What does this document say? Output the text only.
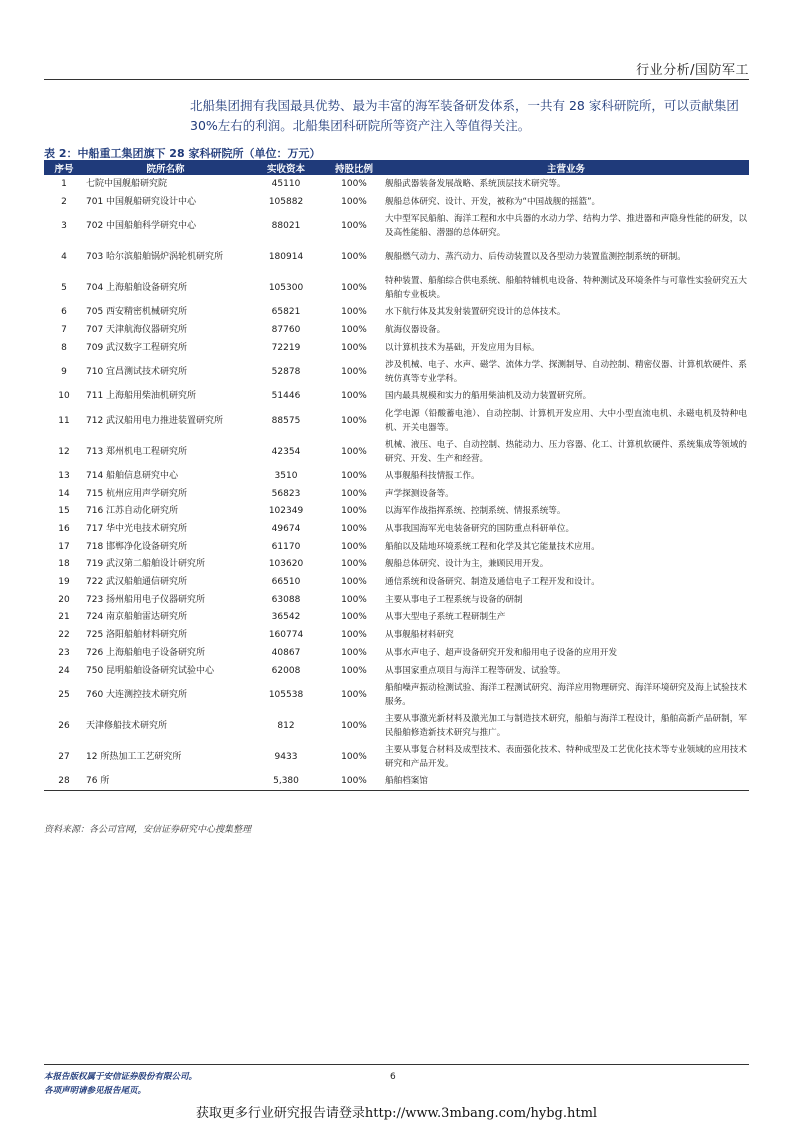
行业分析/国防军工

北船集团拥有我国最具优势、最为丰富的海军装备研发体系，一共有 28 家科研院所，可以贡献集团 30%左右的利润。北船集团科研院所等资产注入等值得关注。

表 2：中船重工集团旗下 28 家科研院所（单位：万元）
序号	院所名称	实收资本	持股比例	主营业务
1	七院中国舰船研究院	45110	100%	舰船武器装备发展战略、系统顶层技术研究等。
2	701 中国舰船研究设计中心	105882	100%	舰船总体研究、设计、开发，被称为“中国战舰的摇篮”。
3	702 中国船舶科学研究中心	88021	100%	大中型军民船舶、海洋工程和水中兵器的水动力学、结构力学、推进器和声隐身性能的研发，以及高性能船、潜器的总体研究。
4	703 哈尔滨船舶锅炉涡轮机研究所	180914	100%	舰船燃气动力、蒸汽动力、后传动装置以及各型动力装置监测控制系统的研制。
5	704 上海船舶设备研究所	105300	100%	特种装置、船舶综合供电系统、船舶特辅机电设备、特种测试及环境条件与可靠性实验研究五大船舶专业板块。
6	705 西安精密机械研究所	65821	100%	水下航行体及其发射装置研究设计的总体技术。
7	707 天津航海仪器研究所	87760	100%	航海仪器设备。
8	709 武汉数字工程研究所	72219	100%	以计算机技术为基础，开发应用为目标。
9	710 宜昌测试技术研究所	52878	100%	涉及机械、电子、水声、磁学、流体力学、探测制导、自动控制、精密仪器、计算机软硬件、系统仿真等专业学科。
10	711 上海船用柴油机研究所	51446	100%	国内最具规模和实力的船用柴油机及动力装置研究所。
11	712 武汉船用电力推进装置研究所	88575	100%	化学电源（铅酸蓄电池）、自动控制、计算机开发应用、大中小型直流电机、永磁电机及特种电机、开关电器等。
12	713 郑州机电工程研究所	42354	100%	机械、液压、电子、自动控制、热能动力、压力容器、化工、计算机软硬件、系统集成等领域的研究、开发、生产和经营。
13	714 船舶信息研究中心	3510	100%	从事舰船科技情报工作。
14	715 杭州应用声学研究所	56823	100%	声学探测设备等。
15	716 江苏自动化研究所	102349	100%	以海军作战指挥系统、控制系统、情报系统等。
16	717 华中光电技术研究所	49674	100%	从事我国海军光电装备研究的国防重点科研单位。
17	718 邯郸净化设备研究所	61170	100%	船舶以及陆地环境系统工程和化学及其它能量技术应用。
18	719 武汉第二船舶设计研究所	103620	100%	舰船总体研究、设计为主，兼顾民用开发。
19	722 武汉船舶通信研究所	66510	100%	通信系统和设备研究、制造及通信电子工程开发和设计。
20	723 扬州船用电子仪器研究所	63088	100%	主要从事电子工程系统与设备的研制
21	724 南京船舶雷达研究所	36542	100%	从事大型电子系统工程研制生产
22	725 洛阳船舶材料研究所	160774	100%	从事舰船材料研究
23	726 上海船舶电子设备研究所	40867	100%	从事水声电子、超声设备研究开发和船用电子设备的应用开发
24	750 昆明船舶设备研究试验中心	62008	100%	从事国家重点项目与海洋工程等研发、试验等。
25	760 大连测控技术研究所	105538	100%	船舶噪声振动检测试验、海洋工程测试研究、海洋应用物理研究、海洋环境研究及海上试验技术服务。
26	天津修船技术研究所	812	100%	主要从事激光新材料及激光加工与制造技术研究，船舶与海洋工程设计，船舶高新产品研制，军民船舶修造新技术研究与推广。
27	12 所热加工工艺研究所	9433	100%	主要从事复合材料及成型技术、表面强化技术、特种成型及工艺优化技术等专业领域的应用技术研究和产品开发。
28	76 所	5,380	100%	船舶档案馆
资料来源：各公司官网，安信证券研究中心搜集整理
本报告版权属于安信证券股份有限公司。
各项声明请参见报告尾页。
6
获取更多行业研究报告请登录http://www.3mbang.com/hybg.html
